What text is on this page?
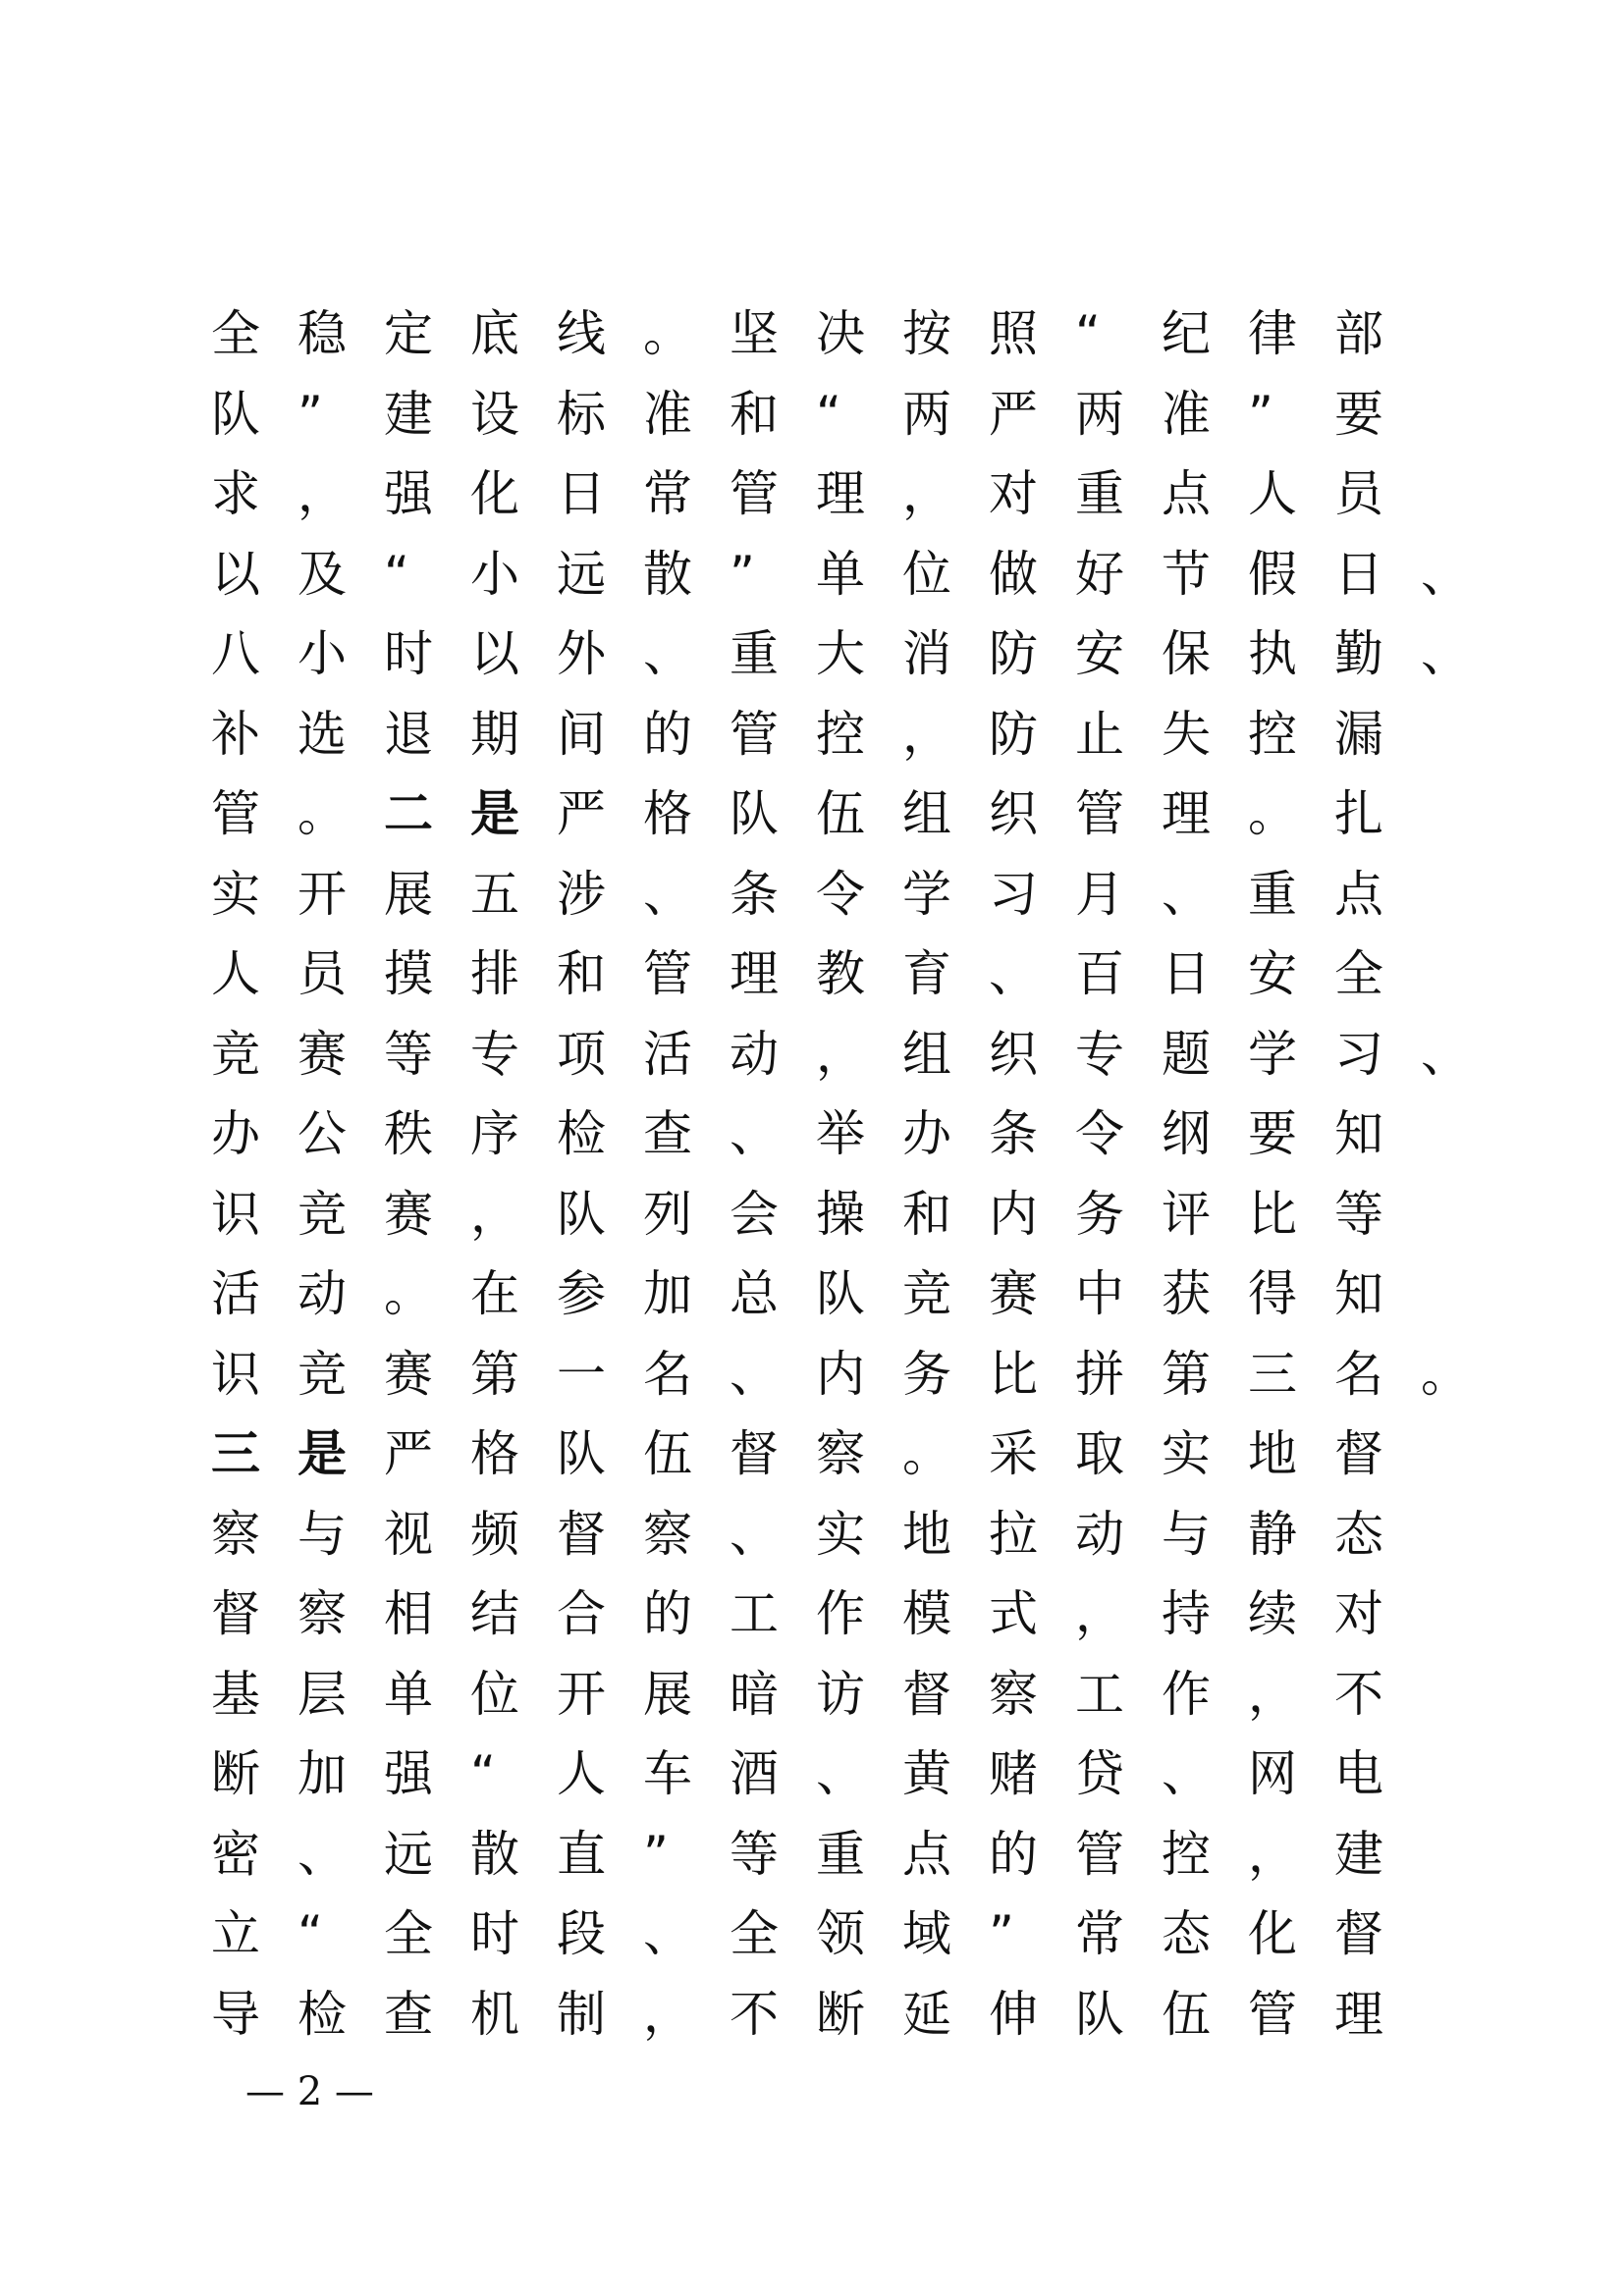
全 稳 定 底 线 。 坚 决 按 照 “	纪 律 部
队 ”	建 设 标 准 和 “	两 严 两 准 ”	要
求 ， 强 化 日 常 管 理 ， 对 重 点 人 员
以 及 “	小 远 散 ”	单 位 做 好 节 假 日 、
八 小 时 以 外 、 重 大 消 防 安 保 执 勤 、
补 选 退 期 间 的 管 控 ， 防 止 失 控 漏
管 。 二 是 严 格 队 伍 组 织 管 理 。 扎
实 开 展 五 涉 、 条 令 学 习 月 、 重 点
人 员 摸 排 和 管 理 教 育 、 百 日 安 全
竞 赛 等 专 项 活 动 ， 组 织 专 题 学 习 、
办 公 秩 序 检 查 、 举 办 条 令 纲 要 知
识 竞 赛 ， 队 列 会 操 和 内 务 评 比 等
活 动 。 在 参 加 总 队 竞 赛 中 获 得 知
识 竞 赛 第 一 名 、 内 务 比 拼 第 三 名 。
三 是 严 格 队 伍 督 察 。 采 取 实 地 督
察 与 视 频 督 察 、 实 地 拉 动 与 静 态
督 察 相 结 合 的 工 作 模 式 ， 持 续 对
基 层 单 位 开 展 暗 访 督 察 工 作 ， 不
断 加 强 “	人 车 酒 、 黄 赌 贷 、 网 电
密 、 远 散 直 ”	等 重 点 的 管 控 ， 建
立 “	全 时 段 、 全 领 域 ”	常 态 化 督
导 检 查 机 制 ， 不 断 延 伸 队 伍 管 理
— 2 —
